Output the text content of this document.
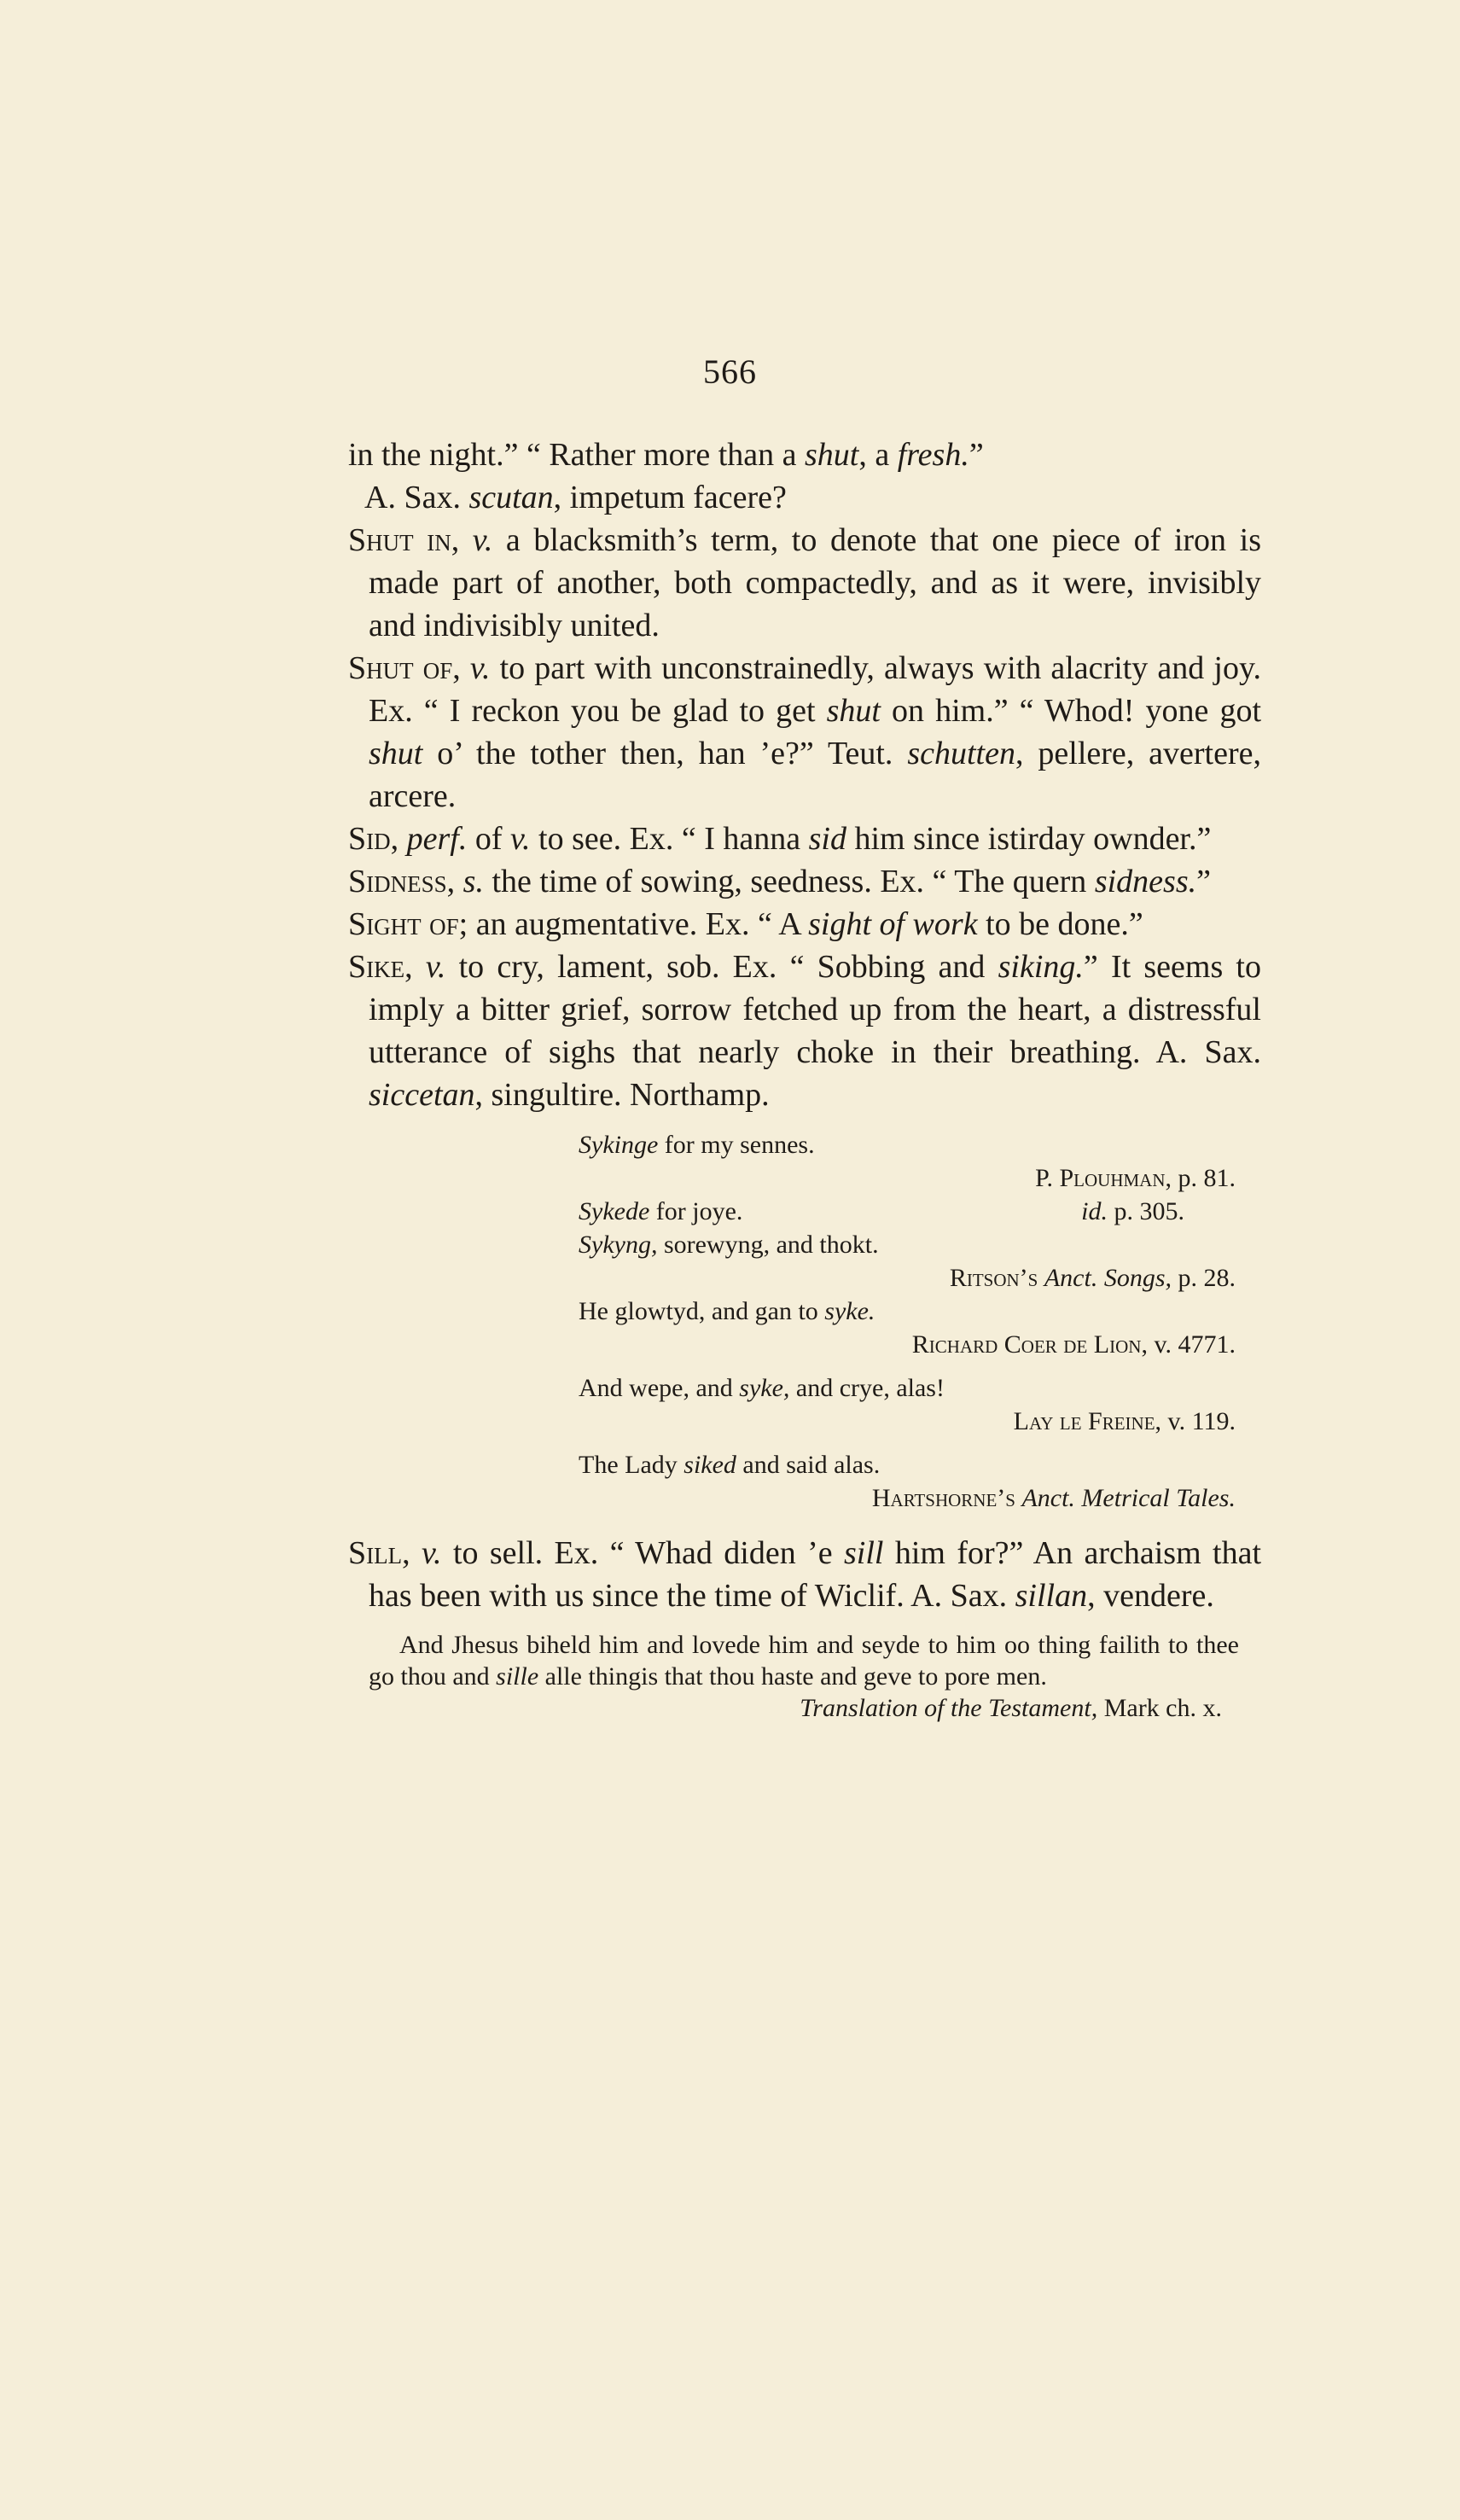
566

in the night.” “ Rather more than a shut, a fresh.”
A. Sax. scutan, impetum facere?

Shut in, v. a blacksmith’s term, to denote that one piece of iron is made part of another, both compactedly, and as it were, invisibly and indivisibly united.

Shut of, v. to part with unconstrainedly, always with alacrity and joy. Ex. “ I reckon you be glad to get shut on him.” “ Whod! yone got shut o’ the tother then, han ’e?” Teut. schutten, pellere, avertere, arcere.

Sid, perf. of v. to see. Ex. “ I hanna sid him since istirday ownder.”

Sidness, s. the time of sowing, seedness. Ex. “ The quern sidness.”

Sight of; an augmentative. Ex. “ A sight of work to be done.”

Sike, v. to cry, lament, sob. Ex. “ Sobbing and siking.” It seems to imply a bitter grief, sorrow fetched up from the heart, a distressful utterance of sighs that nearly choke in their breathing. A. Sax. siccetan, singultire. Northamp.

Sykinge for my sennes.

P. Plouhman, p. 81.

Sykede for joye.	id. p. 305.

Sykyng, sorewyng, and thokt.

Ritson’s Anct. Songs, p. 28.

He glowtyd, and gan to syke.

Richard Coer de Lion, v. 4771.

And wepe, and syke, and crye, alas!

Lay le Freine, v. 119.

The Lady siked and said alas.

Hartshorne’s Anct. Metrical Tales.

Sill, v. to sell. Ex. “ Whad diden ’e sill him for?” An archaism that has been with us since the time of Wiclif. A. Sax. sillan, vendere.

And Jhesus biheld him and lovede him and seyde to him oo thing failith to thee go thou and sille alle thingis that thou haste and geve to pore men.

Translation of the Testament, Mark ch. x.
